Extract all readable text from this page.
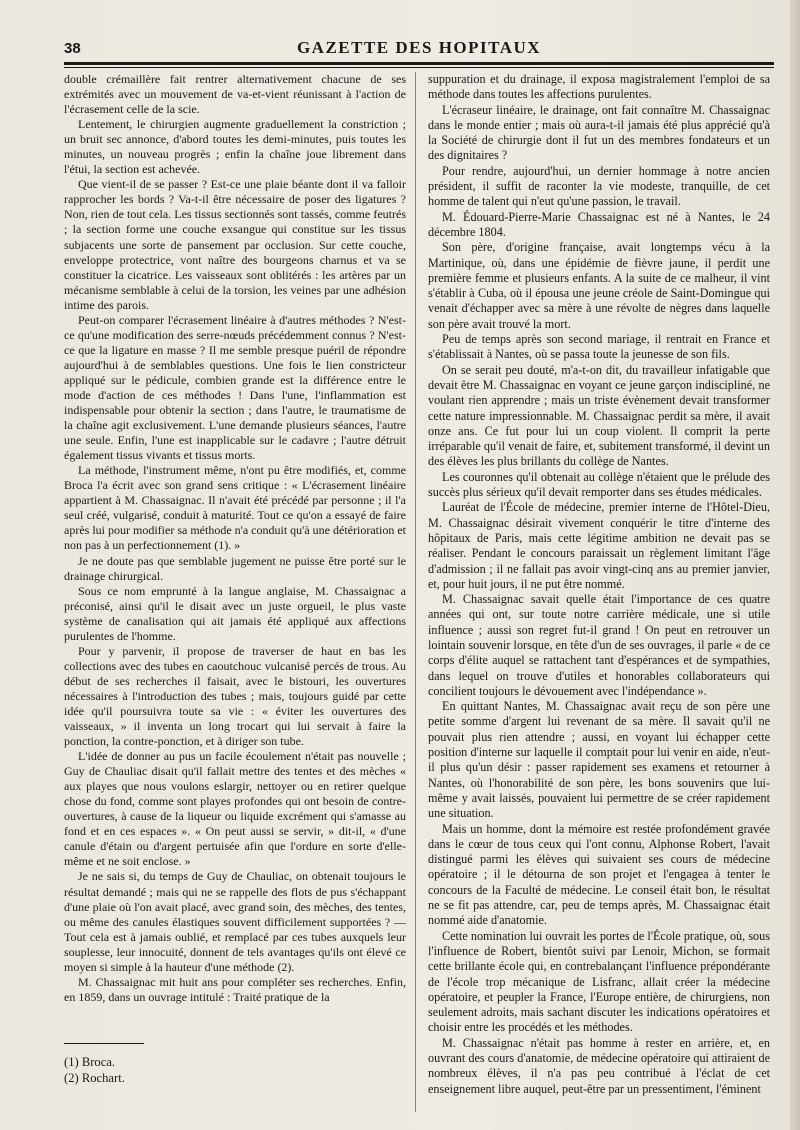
38	GAZETTE DES HOPITAUX

double crémaillère fait rentrer alternativement chacune de ses extrémités avec un mouvement de va-et-vient réunissant à l'action de l'écrasement celle de la scie.

Lentement, le chirurgien augmente graduellement la constriction ; un bruit sec annonce, d'abord toutes les demi-minutes, puis toutes les minutes, un nouveau progrès ; enfin la chaîne joue librement dans l'étui, la section est achevée.

Que vient-il de se passer ? Est-ce une plaie béante dont il va falloir rapprocher les bords ? Va-t-il être nécessaire de poser des ligatures ? Non, rien de tout cela. Les tissus sectionnés sont tassés, comme feutrés ; la section forme une couche exsangue qui constitue sur les tissus subjacents une sorte de pansement par occlusion. Sur cette couche, enveloppe protectrice, vont naître des bourgeons charnus et va se constituer la cicatrice. Les vaisseaux sont oblitérés : les artères par un mécanisme semblable à celui de la torsion, les veines par une adhésion intime des parois.

Peut-on comparer l'écrasement linéaire à d'autres méthodes ? N'est-ce qu'une modification des serre-nœuds précédemment connus ? N'est-ce que la ligature en masse ? Il me semble presque puéril de répondre aujourd'hui à de semblables questions. Une fois le lien constricteur appliqué sur le pédicule, combien grande est la différence entre le mode d'action de ces méthodes ! Dans l'une, l'inflammation est indispensable pour obtenir la section ; dans l'autre, le traumatisme de la chaîne agit exclusivement. L'une demande plusieurs séances, l'autre une seule. Enfin, l'une est inapplicable sur le cadavre ; l'autre détruit également tissus vivants et tissus morts.

La méthode, l'instrument même, n'ont pu être modifiés, et, comme Broca l'a écrit avec son grand sens critique : « L'écrasement linéaire appartient à M. Chassaignac. Il n'avait été précédé par personne ; il l'a seul créé, vulgarisé, conduit à maturité. Tout ce qu'on a essayé de faire après lui pour modifier sa méthode n'a conduit qu'à une détérioration et non pas à un perfectionnement (1). »

Je ne doute pas que semblable jugement ne puisse être porté sur le drainage chirurgical.

Sous ce nom emprunté à la langue anglaise, M. Chassaignac a préconisé, ainsi qu'il le disait avec un juste orgueil, le plus vaste système de canalisation qui ait jamais été appliqué aux affections purulentes de l'homme.

Pour y parvenir, il propose de traverser de haut en bas les collections avec des tubes en caoutchouc vulcanisé percés de trous. Au début de ses recherches il faisait, avec le bistouri, les ouvertures nécessaires à l'introduction des tubes ; mais, toujours guidé par cette idée qu'il poursuivra toute sa vie : « éviter les ouvertures des vaisseaux, » il inventa un long trocart qui lui servait à faire la ponction, la contre-ponction, et à diriger son tube.

L'idée de donner au pus un facile écoulement n'était pas nouvelle ; Guy de Chauliac disait qu'il fallait mettre des tentes et des mèches « aux playes que nous voulons eslargir, nettoyer ou en retirer quelque chose du fond, comme sont playes profondes qui ont besoin de contre-ouvertures, à cause de la liqueur ou liquide excrément qui s'amasse au fond et en ces espaces ». « On peut aussi se servir, » dit-il, « d'une canule d'étain ou d'argent pertuisée afin que l'ordure en sorte d'elle-même et ne soit enclose. »

Je ne sais si, du temps de Guy de Chauliac, on obtenait toujours le résultat demandé ; mais qui ne se rappelle des flots de pus s'échappant d'une plaie où l'on avait placé, avec grand soin, des mèches, des tentes, ou même des canules élastiques souvent difficilement supportées ? — Tout cela est à jamais oublié, et remplacé par ces tubes auxquels leur souplesse, leur innocuité, donnent de tels avantages qu'ils ont élevé ce moyen si simple à la hauteur d'une méthode (2).

M. Chassaignac mit huit ans pour compléter ses recherches. Enfin, en 1859, dans un ouvrage intitulé : Traité pratique de la

(1) Broca.
(2) Rochart.

suppuration et du drainage, il exposa magistralement l'emploi de sa méthode dans toutes les affections purulentes.

L'écraseur linéaire, le drainage, ont fait connaître M. Chassaignac dans le monde entier ; mais où aura-t-il jamais été plus apprécié qu'à la Société de chirurgie dont il fut un des membres fondateurs et un des dignitaires ?

Pour rendre, aujourd'hui, un dernier hommage à notre ancien président, il suffit de raconter la vie modeste, tranquille, de cet homme de talent qui n'eut qu'une passion, le travail.

M. Édouard-Pierre-Marie Chassaignac est né à Nantes, le 24 décembre 1804.

Son père, d'origine française, avait longtemps vécu à la Martinique, où, dans une épidémie de fièvre jaune, il perdit une première femme et plusieurs enfants. A la suite de ce malheur, il vint s'établir à Cuba, où il épousa une jeune créole de Saint-Domingue qui venait d'échapper avec sa mère à une révolte de nègres dans laquelle son père avait trouvé la mort.

Peu de temps après son second mariage, il rentrait en France et s'établissait à Nantes, où se passa toute la jeunesse de son fils.

On se serait peu douté, m'a-t-on dit, du travailleur infatigable que devait être M. Chassaignac en voyant ce jeune garçon indiscipliné, ne voulant rien apprendre ; mais un triste évènement devait transformer cette nature impressionnable. M. Chassaignac perdit sa mère, il avait onze ans. Ce fut pour lui un coup violent. Il comprit la perte irréparable qu'il venait de faire, et, subitement transformé, il devint un des élèves les plus brillants du collège de Nantes.

Les couronnes qu'il obtenait au collège n'étaient que le prélude des succès plus sérieux qu'il devait remporter dans ses études médicales.

Lauréat de l'École de médecine, premier interne de l'Hôtel-Dieu, M. Chassaignac désirait vivement conquérir le titre d'interne des hôpitaux de Paris, mais cette légitime ambition ne devait pas se réaliser. Pendant le concours paraissait un règlement limitant l'âge d'admission ; il ne fallait pas avoir vingt-cinq ans au premier janvier, et, pour huit jours, il ne put être nommé.

M. Chassaignac savait quelle était l'importance de ces quatre années qui ont, sur toute notre carrière médicale, une si utile influence ; aussi son regret fut-il grand ! On peut en retrouver un lointain souvenir lorsque, en tête d'un de ses ouvrages, il parle « de ce corps d'élite auquel se rattachent tant d'espérances et de sympathies, dans lequel on trouve d'utiles et honorables collaborateurs qui concilient toujours le dévouement avec l'indépendance ».

En quittant Nantes, M. Chassaignac avait reçu de son père une petite somme d'argent lui revenant de sa mère. Il savait qu'il ne pouvait plus rien attendre ; aussi, en voyant lui échapper cette position d'interne sur laquelle il comptait pour lui venir en aide, n'eut-il plus qu'un désir : passer rapidement ses examens et retourner à Nantes, où l'honorabilité de son père, les bons souvenirs que lui-même y avait laissés, pouvaient lui permettre de se créer rapidement une situation.

Mais un homme, dont la mémoire est restée profondément gravée dans le cœur de tous ceux qui l'ont connu, Alphonse Robert, l'avait distingué parmi les élèves qui suivaient ses cours de médecine opératoire ; il le détourna de son projet et l'engagea à tenter le concours de la Faculté de médecine. Le conseil était bon, le résultat ne se fit pas attendre, car, peu de temps après, M. Chassaignac était nommé aide d'anatomie.

Cette nomination lui ouvrait les portes de l'École pratique, où, sous l'influence de Robert, bientôt suivi par Lenoir, Michon, se formait cette brillante école qui, en contrebalançant l'influence prépondérante de l'école trop mécanique de Lisfranc, allait créer la médecine opératoire, et peupler la France, l'Europe entière, de chirurgiens, non seulement adroits, mais sachant discuter les indications opératoires et choisir entre les procédés et les méthodes.

M. Chassaignac n'était pas homme à rester en arrière, et, en ouvrant des cours d'anatomie, de médecine opératoire qui attiraient de nombreux élèves, il n'a pas peu contribué à l'éclat de cet enseignement libre auquel, peut-être par un pressentiment, l'éminent
